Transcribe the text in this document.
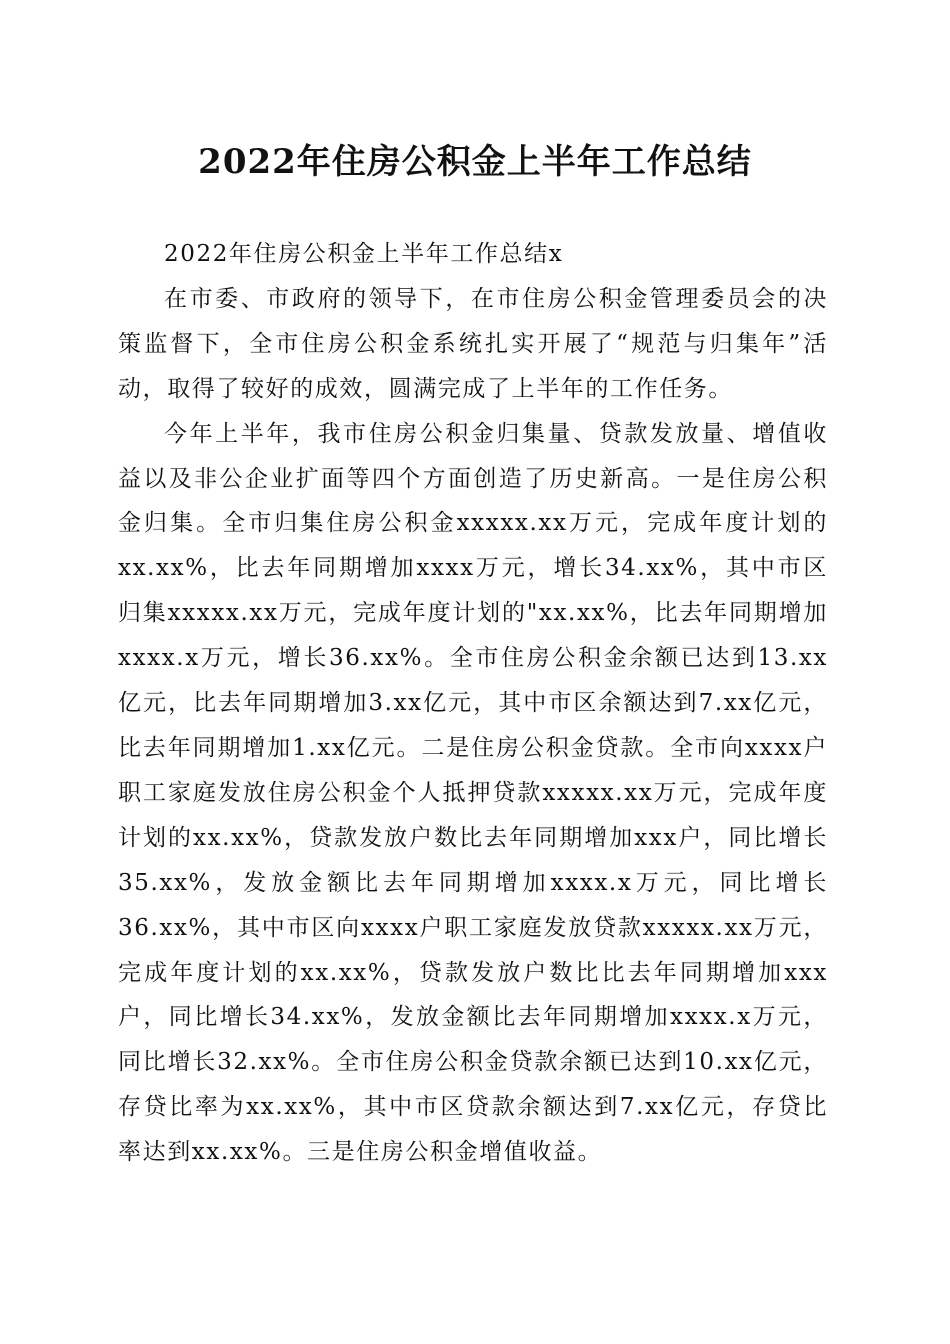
2022年住房公积金上半年工作总结

2022年住房公积金上半年工作总结x

在市委、市政府的领导下，在市住房公积金管理委员会的决策监督下，全市住房公积金系统扎实开展了“规范与归集年”活动，取得了较好的成效，圆满完成了上半年的工作任务。

今年上半年，我市住房公积金归集量、贷款发放量、增值收益以及非公企业扩面等四个方面创造了历史新高。一是住房公积金归集。全市归集住房公积金xxxxx.xx万元，完成年度计划的xx.xx%，比去年同期增加xxxx万元，增长34.xx%，其中市区归集xxxxx.xx万元，完成年度计划的"xx.xx%，比去年同期增加xxxx.x万元，增长36.xx%。全市住房公积金余额已达到13.xx亿元，比去年同期增加3.xx亿元，其中市区余额达到7.xx亿元，比去年同期增加1.xx亿元。二是住房公积金贷款。全市向xxxx户职工家庭发放住房公积金个人抵押贷款xxxxx.xx万元，完成年度计划的xx.xx%，贷款发放户数比去年同期增加xxx户，同比增长35.xx%，发放金额比去年同期增加xxxx.x万元，同比增长36.xx%，其中市区向xxxx户职工家庭发放贷款xxxxx.xx万元，完成年度计划的xx.xx%，贷款发放户数比比去年同期增加xxx户，同比增长34.xx%，发放金额比去年同期增加xxxx.x万元，同比增长32.xx%。全市住房公积金贷款余额已达到10.xx亿元，存贷比率为xx.xx%，其中市区贷款余额达到7.xx亿元，存贷比率达到xx.xx%。三是住房公积金增值收益。
